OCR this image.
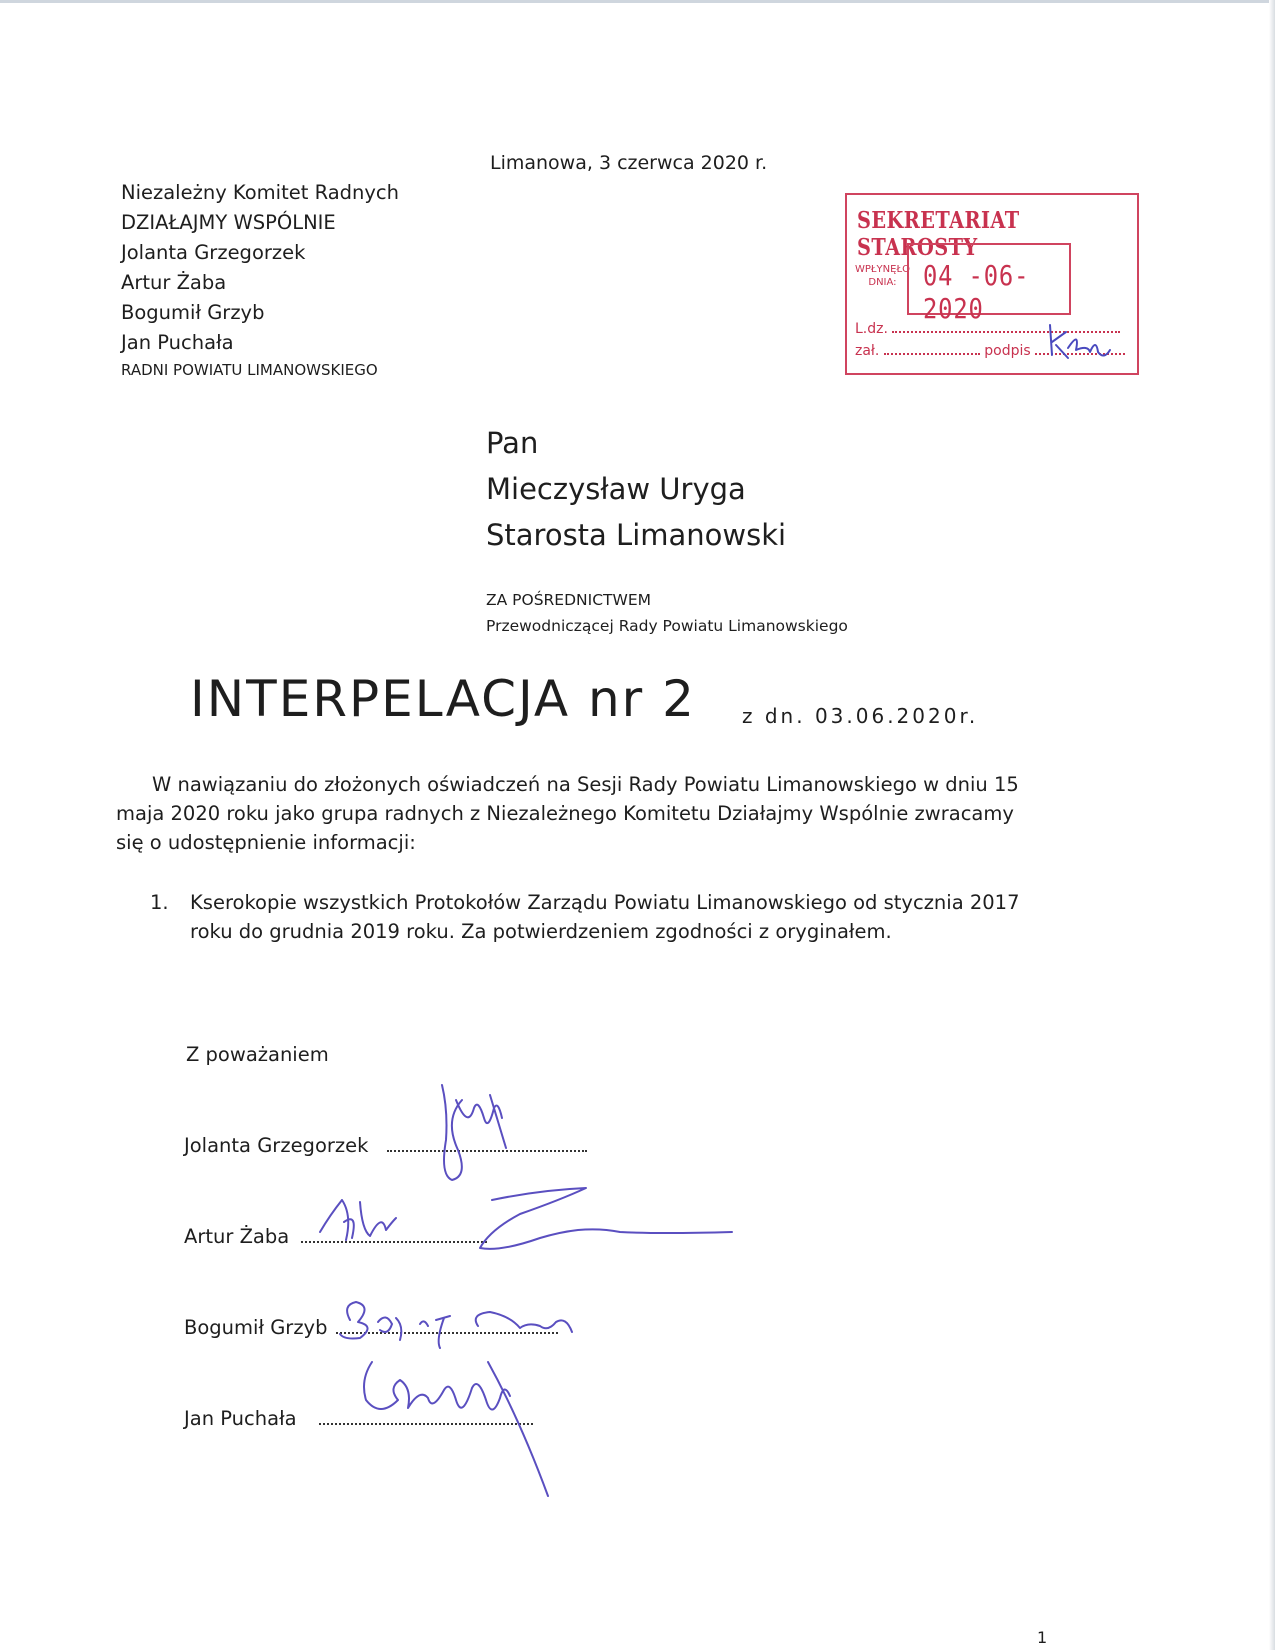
Limanowa, 3 czerwca 2020 r.
Niezależny Komitet Radnych
DZIAŁAJMY WSPÓLNIE
Jolanta Grzegorzek
Artur Żaba
Bogumił Grzyb
Jan Puchała
RADNI POWIATU LIMANOWSKIEGO
SEKRETARIAT STAROSTY
WPŁYNĘŁO
DNIA: 04 -06- 2020
L.dz.
zał.	podpis
Pan
Mieczysław Uryga
Starosta Limanowski
ZA POŚREDNICTWEM
Przewodniczącej Rady Powiatu Limanowskiego
INTERPELACJA nr 2 z dn. 03.06.2020r.
W nawiązaniu do złożonych oświadczeń na Sesji Rady Powiatu Limanowskiego w dniu 15 maja 2020 roku jako grupa radnych z Niezależnego Komitetu Działajmy Wspólnie zwracamy się o udostępnienie informacji:
1.	Kserokopie wszystkich Protokołów Zarządu Powiatu Limanowskiego od stycznia 2017 roku do grudnia 2019 roku. Za potwierdzeniem zgodności z oryginałem.
Z poważaniem
Jolanta Grzegorzek
Artur Żaba
Bogumił Grzyb
Jan Puchała
1
